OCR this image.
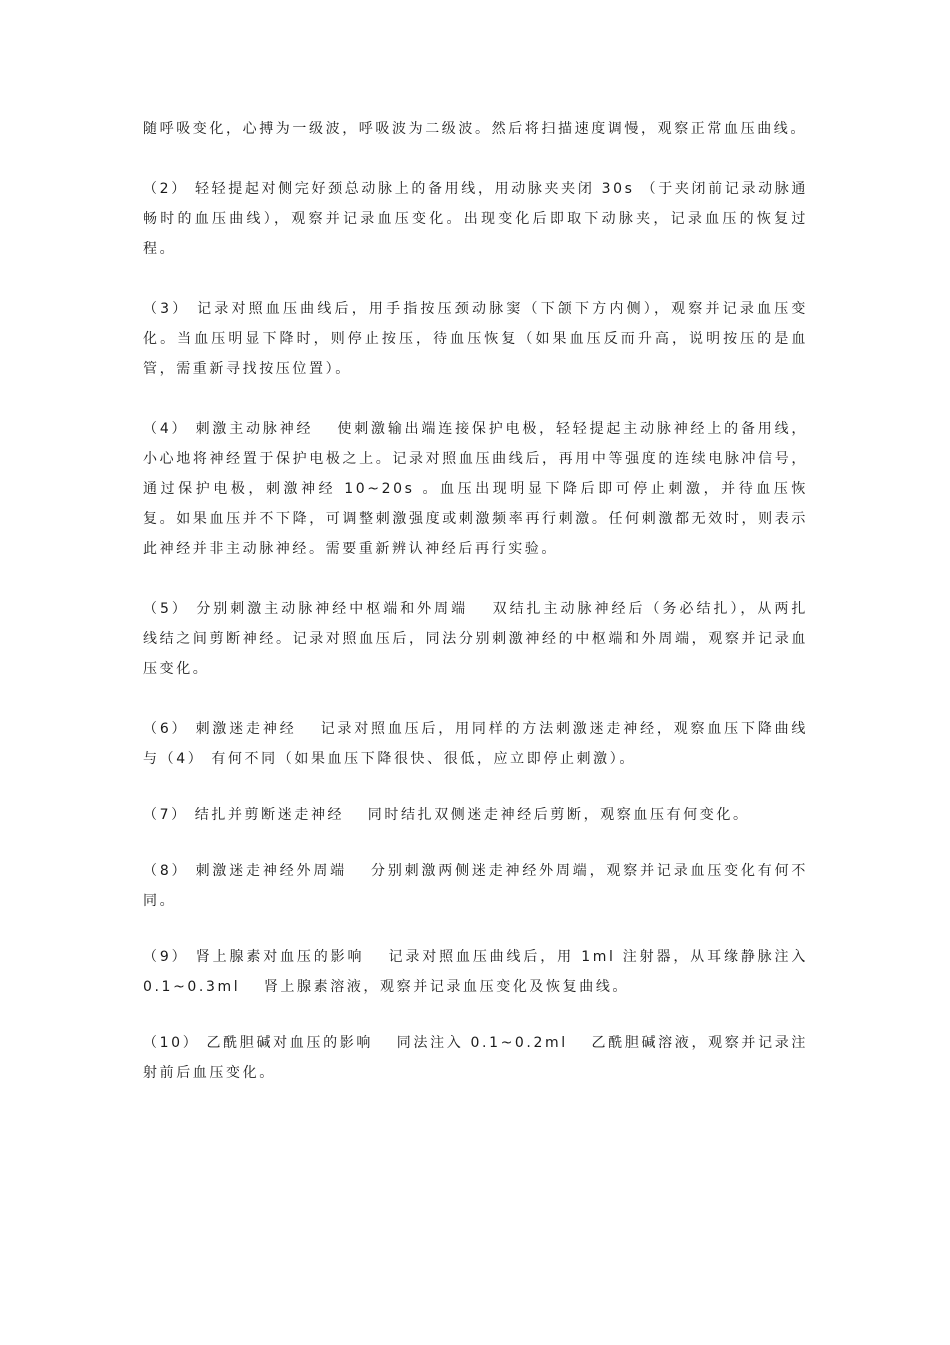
随呼吸变化，心搏为一级波，呼吸波为二级波。然后将扫描速度调慢，观察正常血压曲线。

（2） 轻轻提起对侧完好颈总动脉上的备用线，用动脉夹夹闭 30s （于夹闭前记录动脉通畅时的血压曲线），观察并记录血压变化。出现变化后即取下动脉夹，记录血压的恢复过程。

（3） 记录对照血压曲线后，用手指按压颈动脉窦（下颌下方内侧），观察并记录血压变化。当血压明显下降时，则停止按压，待血压恢复（如果血压反而升高，说明按压的是血管，需重新寻找按压位置）。

（4） 刺激主动脉神经　 使刺激输出端连接保护电极，轻轻提起主动脉神经上的备用线，小心地将神经置于保护电极之上。记录对照血压曲线后，再用中等强度的连续电脉冲信号，通过保护电极，刺激神经 10~20s 。血压出现明显下降后即可停止刺激，并待血压恢复。如果血压并不下降，可调整刺激强度或刺激频率再行刺激。任何刺激都无效时，则表示此神经并非主动脉神经。需要重新辨认神经后再行实验。

（5） 分别刺激主动脉神经中枢端和外周端　 双结扎主动脉神经后（务必结扎），从两扎线结之间剪断神经。记录对照血压后，同法分别刺激神经的中枢端和外周端，观察并记录血压变化。

（6） 刺激迷走神经　 记录对照血压后，用同样的方法刺激迷走神经，观察血压下降曲线与（4） 有何不同（如果血压下降很快、很低，应立即停止刺激）。

（7） 结扎并剪断迷走神经　 同时结扎双侧迷走神经后剪断，观察血压有何变化。

（8） 刺激迷走神经外周端　 分别刺激两侧迷走神经外周端，观察并记录血压变化有何不同。

（9） 肾上腺素对血压的影响　 记录对照血压曲线后，用 1ml 注射器，从耳缘静脉注入 0.1~0.3ml　 肾上腺素溶液，观察并记录血压变化及恢复曲线。

（10） 乙酰胆碱对血压的影响　 同法注入 0.1~0.2ml　 乙酰胆碱溶液，观察并记录注射前后血压变化。
